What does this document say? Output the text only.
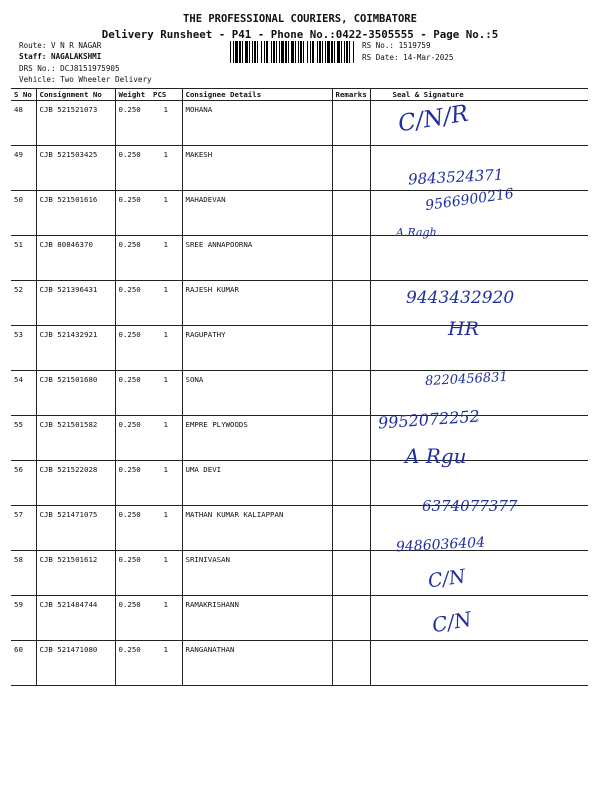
THE PROFESSIONAL COURIERS, COIMBATORE
Delivery Runsheet - P41 - Phone No.:0422-3505555 - Page No.:5
Route: V N R NAGAR
Staff: NAGALAKSHMI
DRS No.: DCJ8151975905
Vehicle: Two Wheeler Delivery
RS No.: 1519759
RS Date: 14-Mar-2025
S No	Consignment No	Weight	PCS	Consignee Details	Remarks	Seal & Signature
48	CJB 521521073	0.250	1	MOHANA		
49	CJB 521503425	0.250	1	MAKESH		
50	CJB 521501616	0.250	1	MAHADEVAN		
51	CJB 80846370	0.250	1	SREE ANNAPOORNA		
52	CJB 521396431	0.250	1	RAJESH KUMAR		
53	CJB 521432921	0.250	1	RAGUPATHY		
54	CJB 521501680	0.250	1	SONA		
55	CJB 521501582	0.250	1	EMPRE PLYWOODS		
56	CJB 521522028	0.250	1	UMA DEVI		
57	CJB 521471075	0.250	1	MATHAN KUMAR KALIAPPAN		
58	CJB 521501612	0.250	1	SRINIVASAN		
59	CJB 521484744	0.250	1	RAMAKRISHANN		
60	CJB 521471080	0.250	1	RANGANATHAN		
C/N/R
9843524371
9566900216
A.Ragh
9443432920
HR
8220456831
9952072252
A Rgu
6374077377
9486036404
C/N
C/N
